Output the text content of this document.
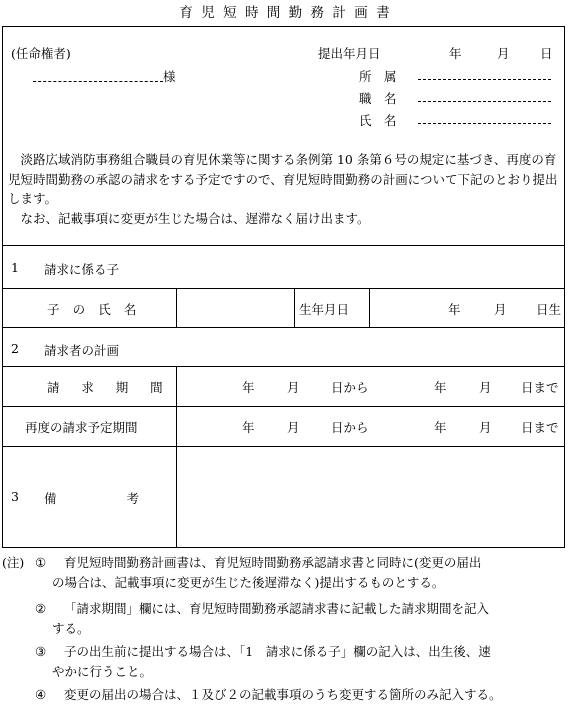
育児短時間勤務計画書
(任命権者)
様
提出年月日	年	月 日
所　属
職　名
氏　名
淡路広域消防事務組合職員の育児休業等に関する条例第 10 条第６号の規定に基づき、再度の育児短時間勤務の承認の請求をする予定ですので、育児短時間勤務の計画について下記のとおり提出します。
なお、記載事項に変更が生じた場合は、遅滞なく届け出ます。
1 請求に係る子
子の氏名	生年月日	年	月 日生
2 請求者の計画
請求期間	年	月	日から	年	月 日まで
再度の請求予定期間	年	月	日から	年	月 日まで
3 備考
(注) ① 育児短時間勤務計画書は、育児短時間勤務承認請求書と同時に(変更の届出
の場合は、記載事項に変更が生じた後遅滞なく)提出するものとする。
② 「請求期間」欄には、育児短時間勤務承認請求書に記載した請求期間を記入
する。
③ 子の出生前に提出する場合は、「1　請求に係る子」欄の記入は、出生後、速
やかに行うこと。
④ 変更の届出の場合は、１及び２の記載事項のうち変更する箇所のみ記入する。
